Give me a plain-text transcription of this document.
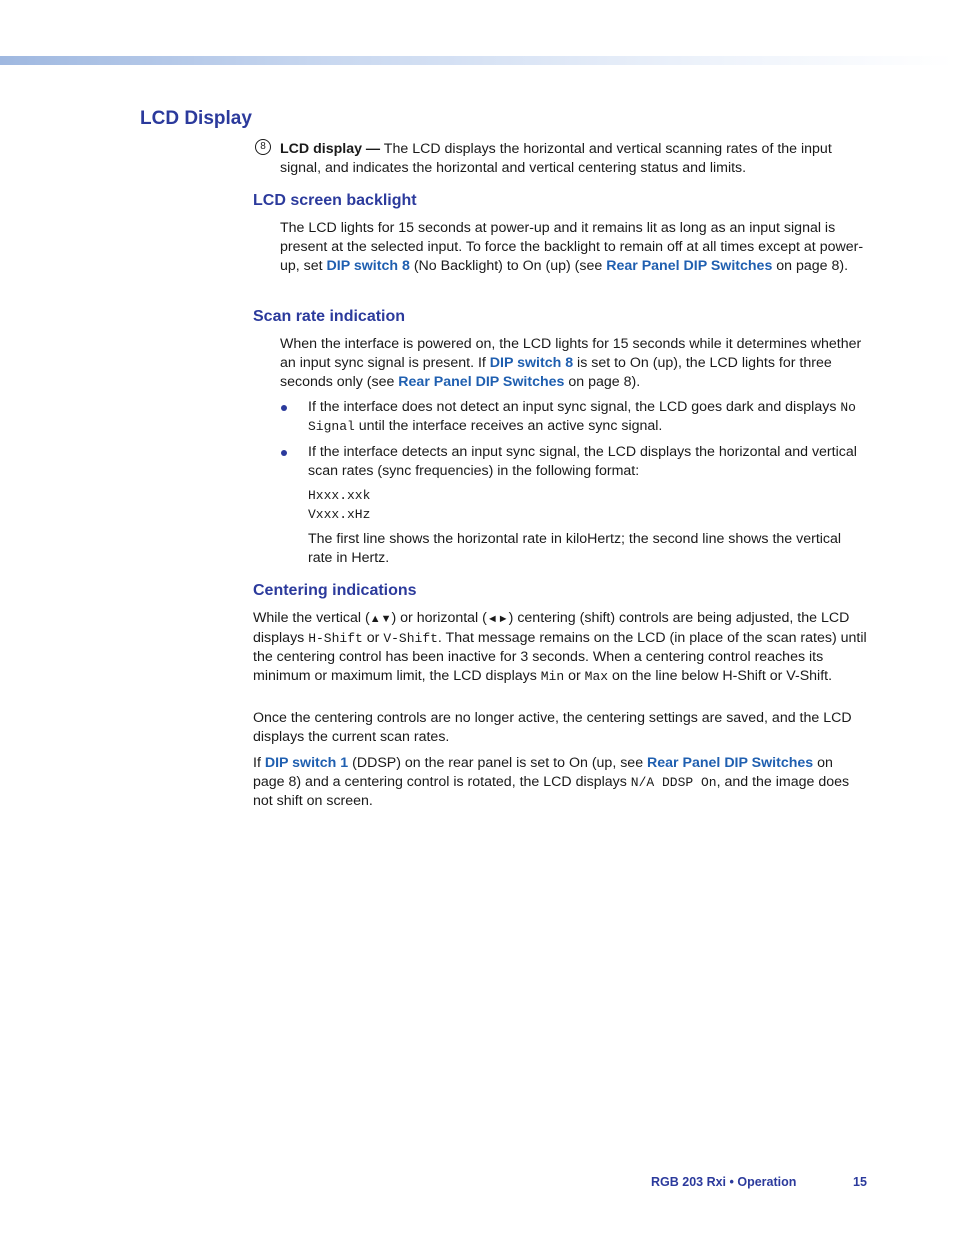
LCD Display
8	LCD display — The LCD displays the horizontal and vertical scanning rates of the input signal, and indicates the horizontal and vertical centering status and limits.

LCD screen backlight

The LCD lights for 15 seconds at power-up and it remains lit as long as an input signal is present at the selected input. To force the backlight to remain off at all times except at power-up, set DIP switch 8 (No Backlight) to On (up) (see Rear Panel DIP Switches on page 8).

Scan rate indication

When the interface is powered on, the LCD lights for 15 seconds while it determines whether an input sync signal is present. If DIP switch 8 is set to On (up), the LCD lights for three seconds only (see Rear Panel DIP Switches on page 8).

If the interface does not detect an input sync signal, the LCD goes dark and displays No Signal until the interface receives an active sync signal.

If the interface detects an input sync signal, the LCD displays the horizontal and vertical scan rates (sync frequencies) in the following format:

Hxxx.xxk

Vxxx.xHz

The first line shows the horizontal rate in kiloHertz; the second line shows the vertical rate in Hertz.

Centering indications

While the vertical (▲▼) or horizontal (◄►) centering (shift) controls are being adjusted, the LCD displays H-Shift or V-Shift. That message remains on the LCD (in place of the scan rates) until the centering control has been inactive for 3 seconds. When a centering control reaches its minimum or maximum limit, the LCD displays Min or Max on the line below H-Shift or V-Shift.

Once the centering controls are no longer active, the centering settings are saved, and the LCD displays the current scan rates.

If DIP switch 1 (DDSP) on the rear panel is set to On (up, see Rear Panel DIP Switches on page 8) and a centering control is rotated, the LCD displays N/A DDSP On, and the image does not shift on screen.

RGB 203 Rxi • Operation	15
